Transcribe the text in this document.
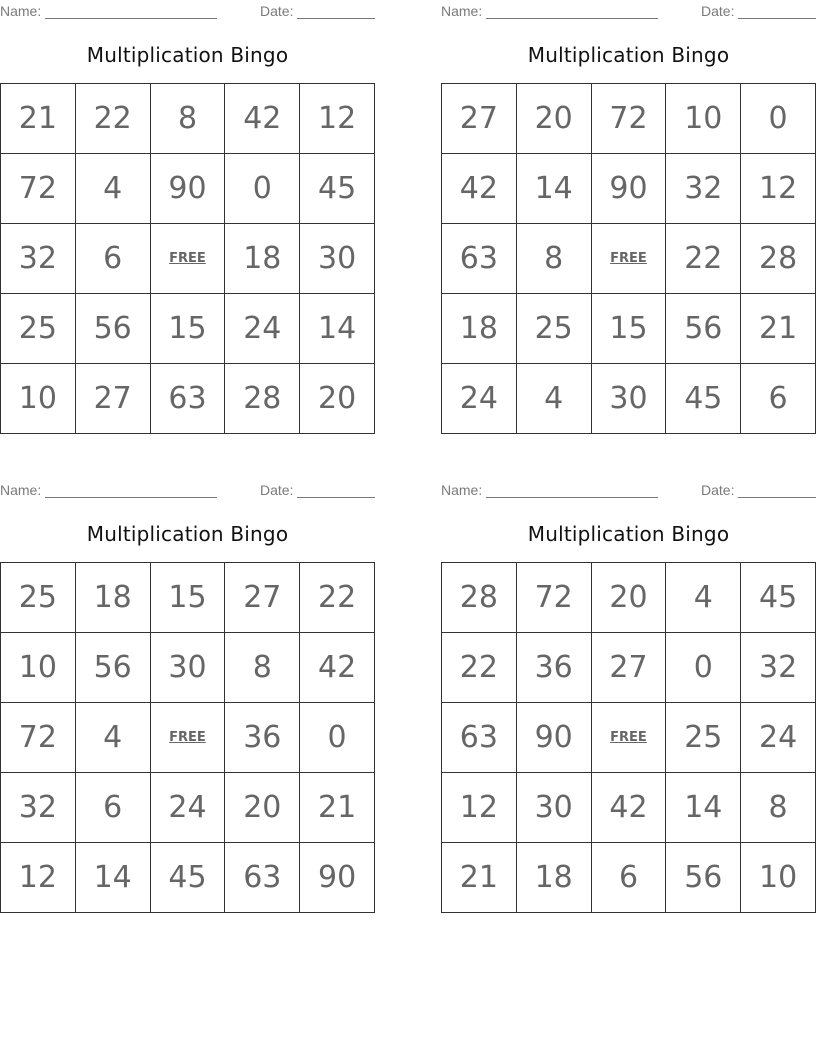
Name:	Date:
Multiplication Bingo
21	22	8	42	12
72	4	90	0	45
32	6	FREE	18	30
25	56	15	24	14
10	27	63	28	20
Name:	Date:
Multiplication Bingo
27	20	72	10	0
42	14	90	32	12
63	8	FREE	22	28
18	25	15	56	21
24	4	30	45	6
Name:	Date:
Multiplication Bingo
25	18	15	27	22
10	56	30	8	42
72	4	FREE	36	0
32	6	24	20	21
12	14	45	63	90
Name:	Date:
Multiplication Bingo
28	72	20	4	45
22	36	27	0	32
63	90	FREE	25	24
12	30	42	14	8
21	18	6	56	10
